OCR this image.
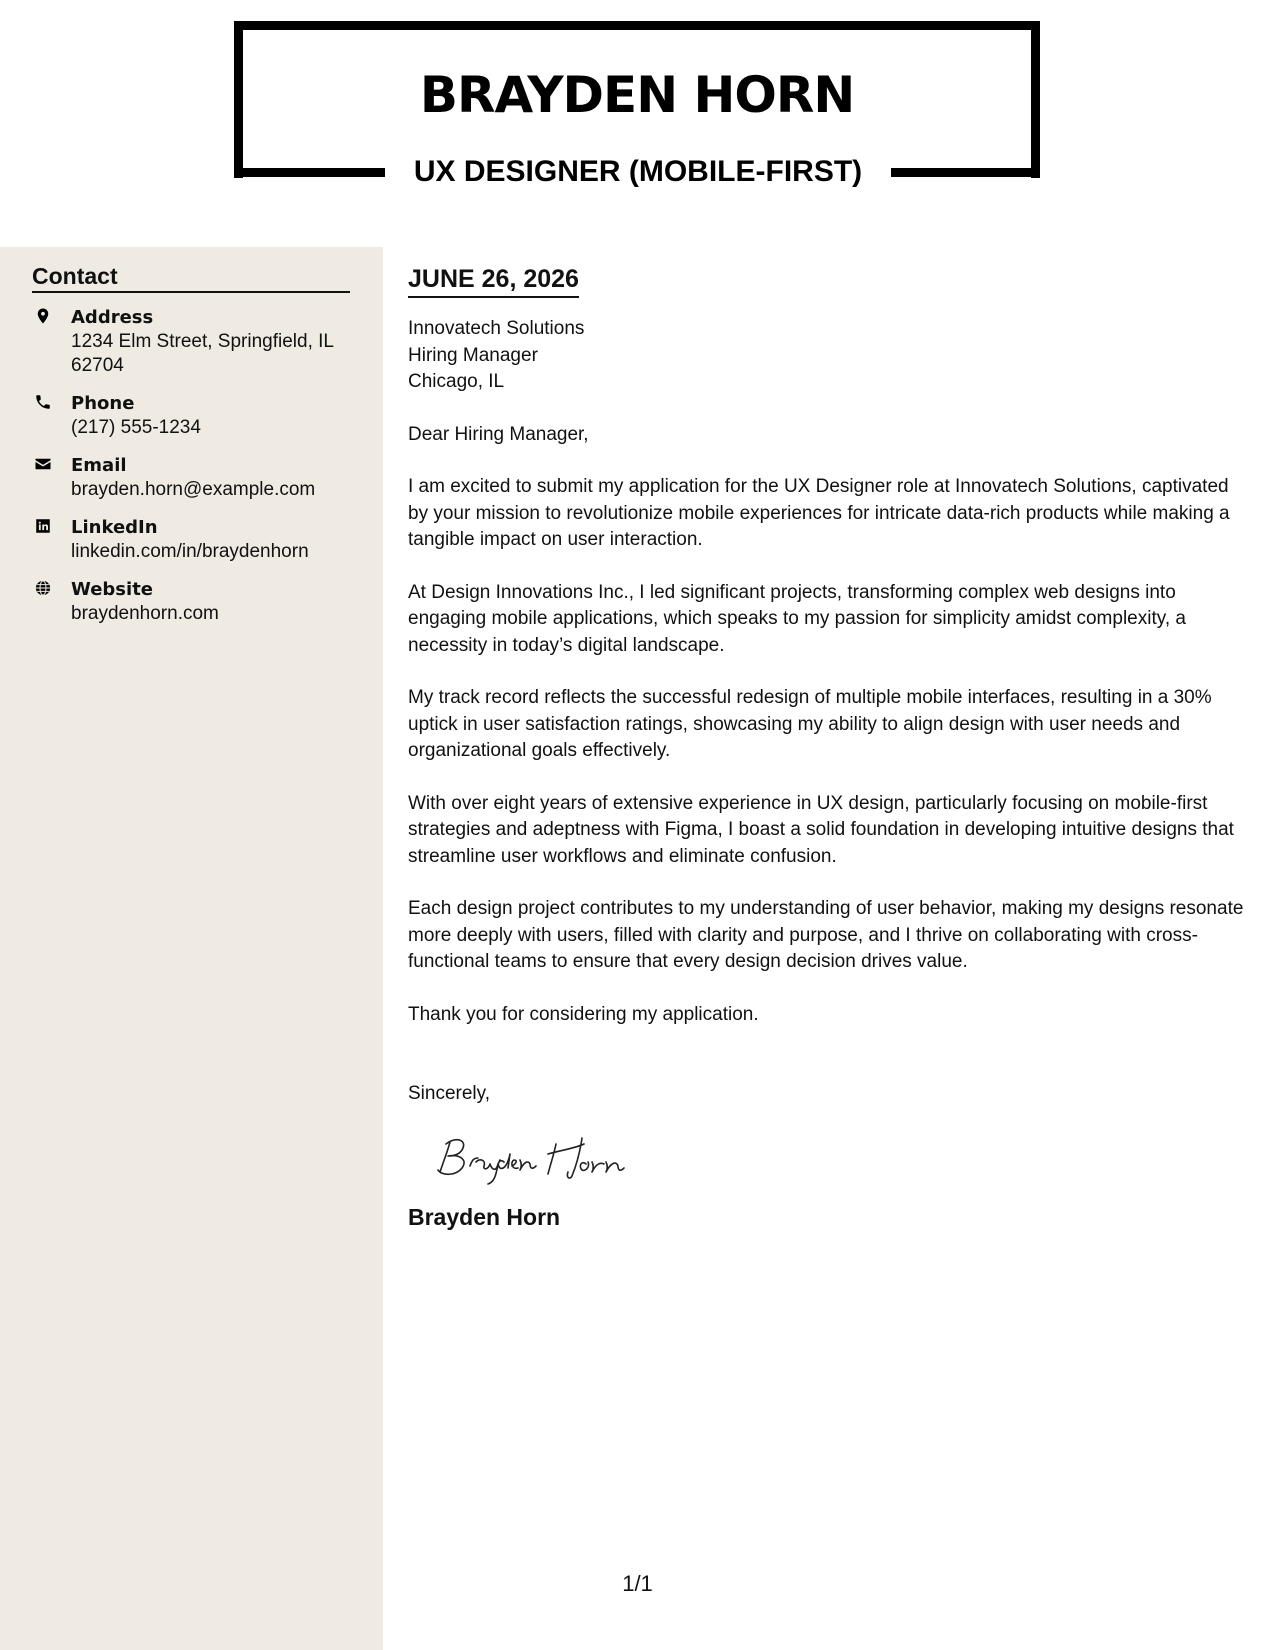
BRAYDEN HORN
UX DESIGNER (MOBILE-FIRST)
Contact
Address
1234 Elm Street, Springfield, IL 62704
Phone
(217) 555-1234
Email
brayden.horn@example.com
LinkedIn
linkedin.com/in/braydenhorn
Website
braydenhorn.com
JUNE 26, 2026
Innovatech Solutions
Hiring Manager
Chicago, IL

Dear Hiring Manager,

I am excited to submit my application for the UX Designer role at Innovatech Solutions, captivated by your mission to revolutionize mobile experiences for intricate data-rich products while making a tangible impact on user interaction.

At Design Innovations Inc., I led significant projects, transforming complex web designs into engaging mobile applications, which speaks to my passion for simplicity amidst complexity, a necessity in today’s digital landscape.

My track record reflects the successful redesign of multiple mobile interfaces, resulting in a 30% uptick in user satisfaction ratings, showcasing my ability to align design with user needs and organizational goals effectively.

With over eight years of extensive experience in UX design, particularly focusing on mobile-first strategies and adeptness with Figma, I boast a solid foundation in developing intuitive designs that streamline user workflows and eliminate confusion.

Each design project contributes to my understanding of user behavior, making my designs resonate more deeply with users, filled with clarity and purpose, and I thrive on collaborating with cross-functional teams to ensure that every design decision drives value.

Thank you for considering my application.

Sincerely,
Brayden Horn
1/1
